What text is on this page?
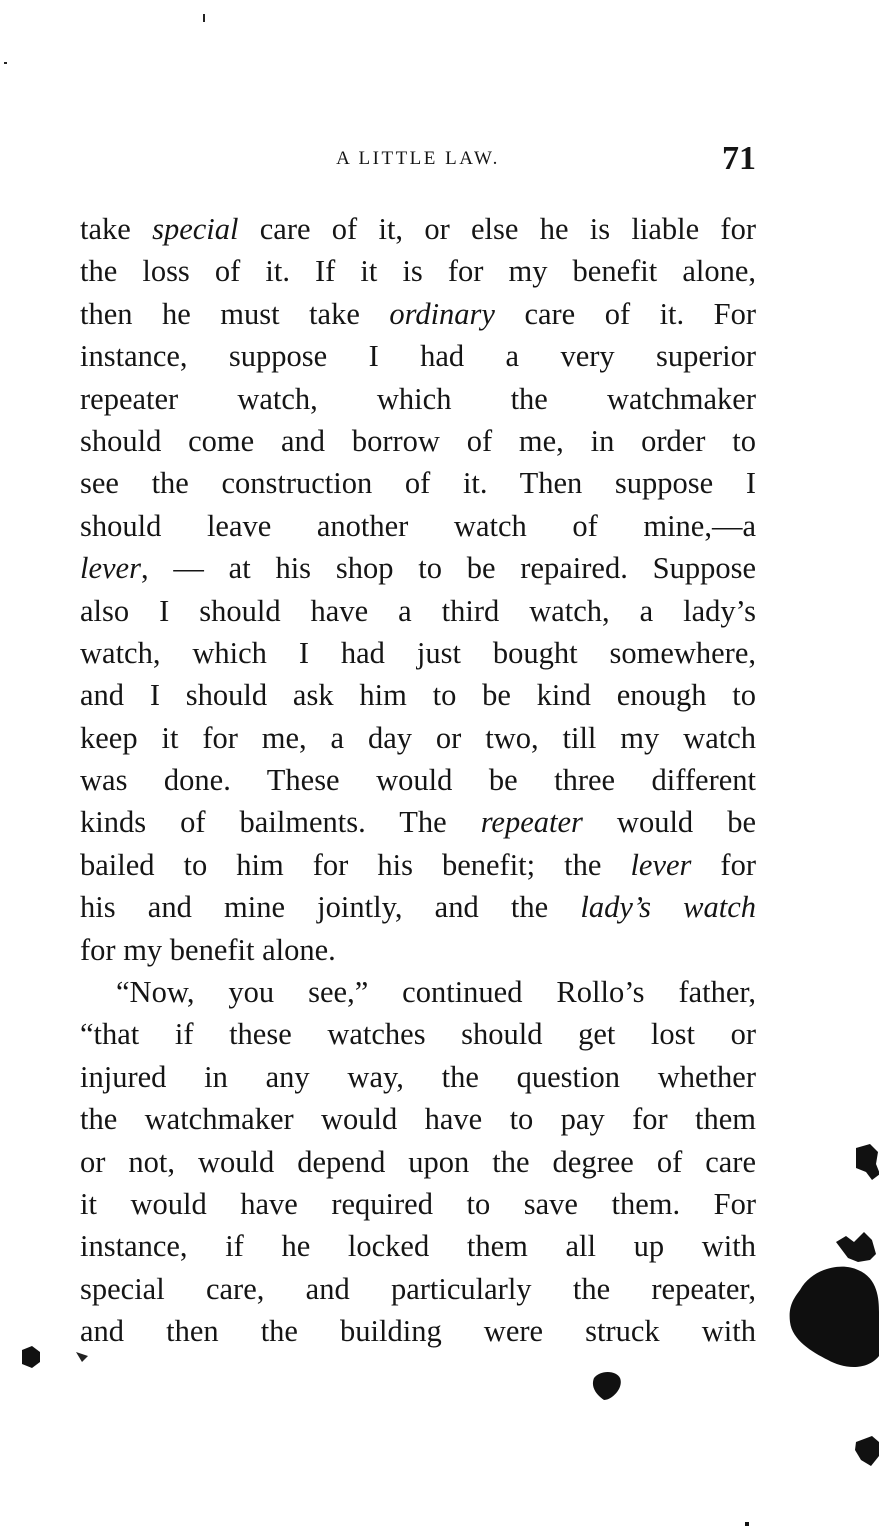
A LITTLE LAW.	71
take special care of it, or else he is liable for
the loss of it. If it is for my benefit alone,
then he must take ordinary care of it. For
instance, suppose I had a very superior
repeater watch, which the watchmaker
should come and borrow of me, in order to
see the construction of it. Then suppose I
should leave another watch of mine,—a
lever, — at his shop to be repaired. Suppose
also I should have a third watch, a lady’s
watch, which I had just bought somewhere,
and I should ask him to be kind enough to
keep it for me, a day or two, till my watch
was done. These would be three different
kinds of bailments. The repeater would be
bailed to him for his benefit; the lever for
his and mine jointly, and the lady’s watch
for my benefit alone.
“Now, you see,” continued Rollo’s father,
“that if these watches should get lost or
injured in any way, the question whether
the watchmaker would have to pay for them
or not, would depend upon the degree of care
it would have required to save them. For
instance, if he locked them all up with
special care, and particularly the repeater,
and then the building were struck with
